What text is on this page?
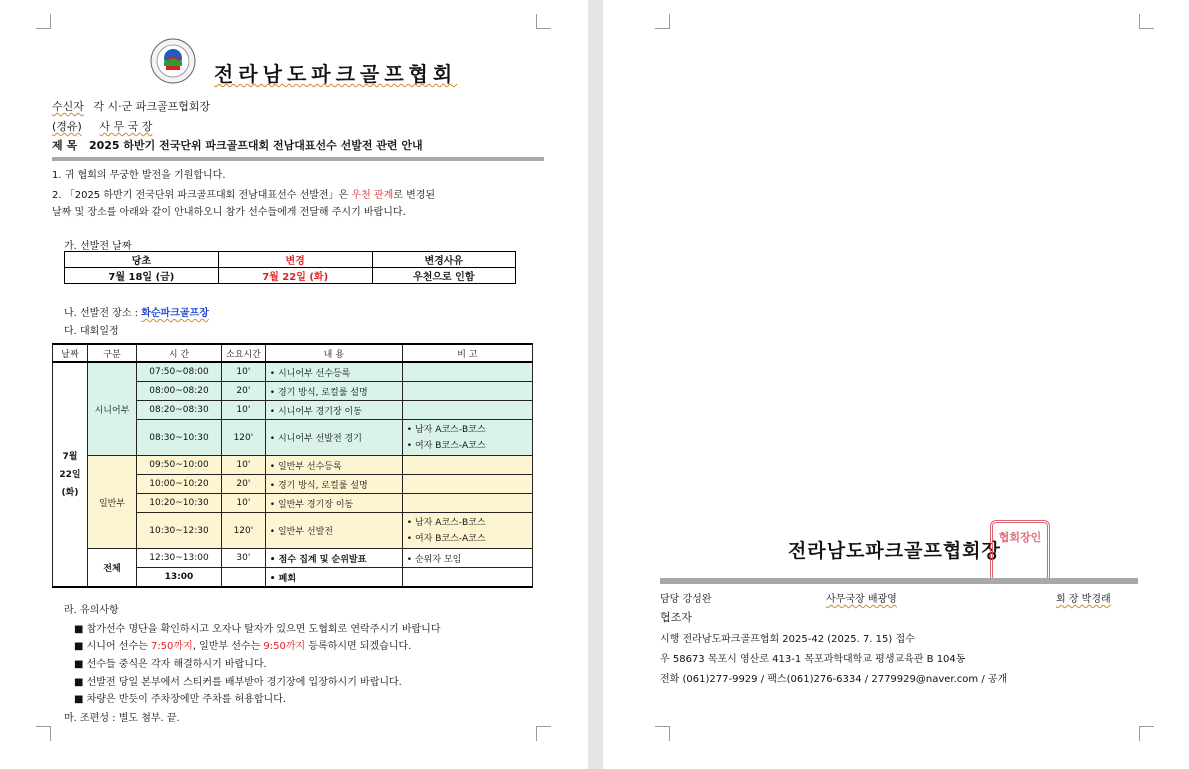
전라남도파크골프협회
수신자 각 시·군 파크골프협회장
(경유) 사 무 국 장
제 목 2025 하반기 전국단위 파크골프대회 전남대표선수 선발전 관련 안내
1. 귀 협회의 무궁한 발전을 기원합니다.
2. 「2025 하반기 전국단위 파크골프대회 전남대표선수 선발전」은 우천 관계로 변경된
날짜 및 장소를 아래와 같이 안내하오니 참가 선수들에게 전달해 주시기 바랍니다.
가. 선발전 날짜
당초	변경	변경사유
7월 18일 (금)	7월 22일 (화)	우천으로 인함
나. 선발전 장소 : 화순파크골프장
다. 대회일정
날짜	구분	시 간	소요시간	내 용	비 고

7월
22일
(화)	시니어부	07:50~08:00	10'	• 시니어부 선수등록	
		08:00~08:20	20'	• 경기 방식, 로컬룰 설명	
		08:20~08:30	10'	• 시니어부 경기장 이동	
		08:30~10:30	120'	• 시니어부 선발전 경기	• 남자 A코스-B코스
• 여자 B코스-A코스

	일반부	09:50~10:00	10'	• 일반부 선수등록	
		10:00~10:20	20'	• 경기 방식, 로컬룰 설명	
		10:20~10:30	10'	• 일반부 경기장 이동	
		10:30~12:30	120'	• 일반부 선발전	• 남자 A코스-B코스
• 여자 B코스-A코스

	전체	12:30~13:00	30'	• 점수 집계 및 순위발표	• 순위자 모임
		13:00		• 폐회	
라. 유의사항
■ 참가선수 명단을 확인하시고 오자나 탈자가 있으면 도협회로 연락주시기 바랍니다
■ 시니어 선수는 7:50까지, 일반부 선수는 9:50까지 등록하시면 되겠습니다.
■ 선수들 중식은 각자 해결하시기 바랍니다.
■ 선발전 당일 본부에서 스티커를 배부받아 경기장에 입장하시기 바랍니다.
■ 차량은 반듯이 주차장에만 주차를 허용합니다.
마. 조편성 : 별도 첨부. 끝.
전라남도파크골프협회장
협회장인
담당 강성완	사무국장 배광영	회 장 박경래
협조자
시행 전라남도파크골프협회 2025-42 (2025. 7. 15) 접수
우 58673 목포시 영산로 413-1 목포과학대학교 평생교육관 B 104동
전화 (061)277-9929 / 팩스(061)276-6334 / 2779929@naver.com / 공개
